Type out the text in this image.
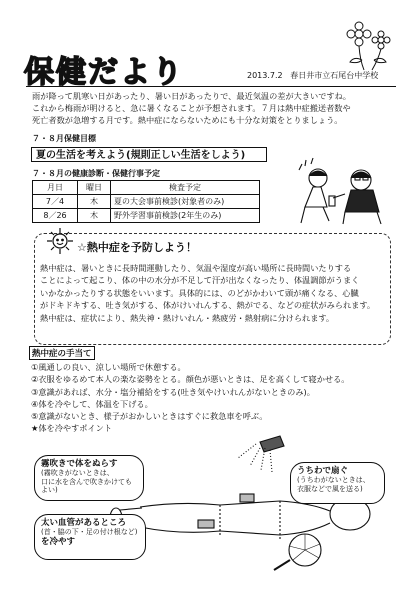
保健だより	2013.7.2 春日井市立石尾台中学校

雨が降って肌寒い日があったり、暑い日があったりで、最近気温の差が大きいですね。

これから梅雨が明けると、急に暑くなることが予想されます。７月は熱中症搬送者数や

死亡者数が急増する月です。熱中症にならないためにも十分な対策をとりましょう。

７・８月保健目標
夏の生活を考えよう(規則正しい生活をしよう)
７・８月の健康診断・保健行事予定
月日	曜日	検査予定
7／4	木	夏の大会事前検診(対象者のみ)
8／26	木	野外学習事前検診(2年生のみ)
☆熱中症を予防しよう！

熱中症は、暑いときに長時間運動したり、気温や湿度が高い場所に長時間いたりする

ことによって起こり、体の中の水分が不足して汗が出なくなったり、体温調節がうまく

いかなかったりする状態をいいます。具体的には、のどがかわいて頭が痛くなる、心臓

がドキドキする、吐き気がする、体がけいれんする、熱がでる、などの症状がみられます。

熱中症は、症状により、熱失神・熱けいれん・熱疲労・熱射病に分けられます。

熱中症の手当て
①風通しの良い、涼しい場所で休憩する。
②衣服をゆるめて本人の楽な姿勢をとる。顔色が悪いときは、足を高くして寝かせる。
③意識があれば、水分・塩分補給をする(吐き気やけいれんがないときのみ)。
④体を冷やして、体温を下げる。
⑤意識がないとき、様子がおかしいときはすぐに救急車を呼ぶ。
★体を冷やすポイント
霧吹きで体をぬらす
(霧吹きがないときは、
口に水を含んで吹きかけてもよい)
うちわで扇ぐ
(うちわがないときは、
衣服などで風を送る)
太い血管があるところ
(首・脇の下・足の付け根など)
を冷やす
